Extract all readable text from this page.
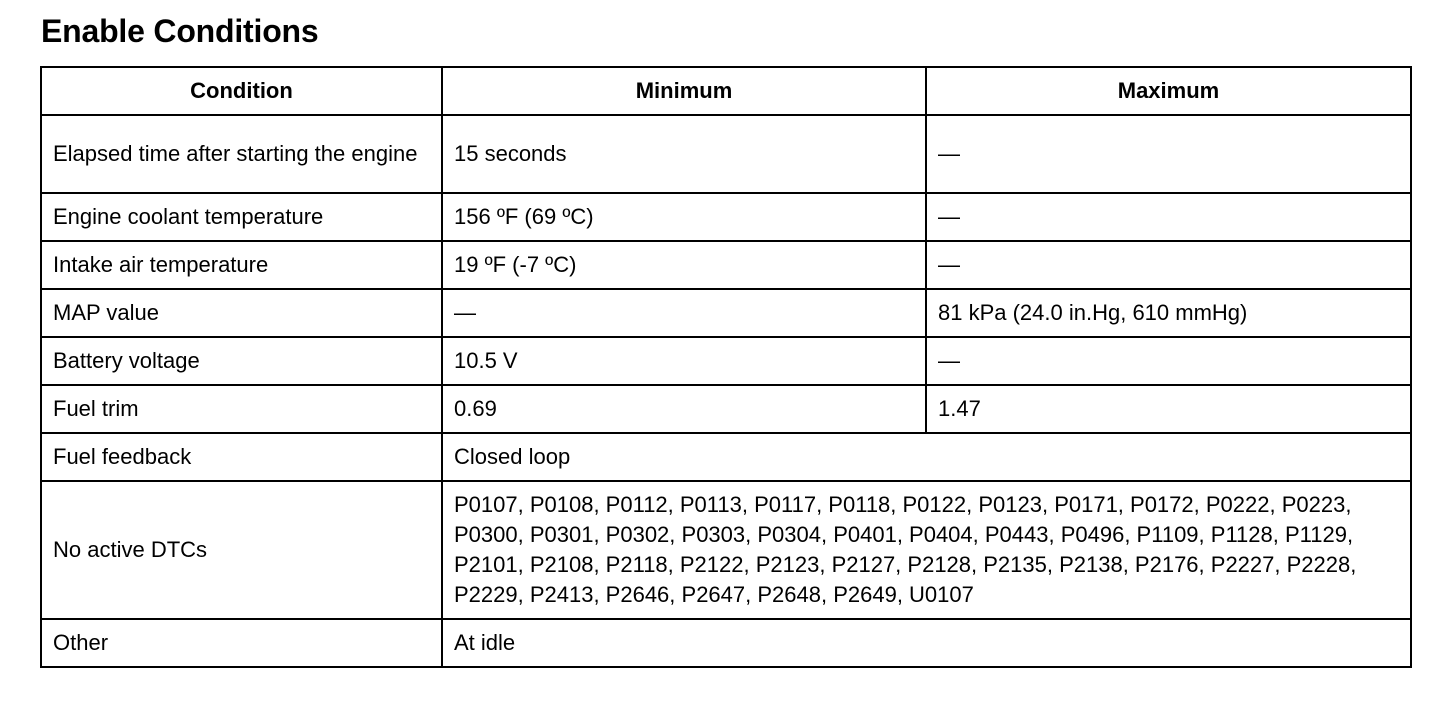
Enable Conditions
Condition	Minimum	Maximum
Elapsed time after starting the engine	15 seconds	—
Engine coolant temperature	156 ºF (69 ºC)	—
Intake air temperature	19 ºF (-7 ºC)	—
MAP value	—	81 kPa (24.0 in.Hg, 610 mmHg)
Battery voltage	10.5 V	—
Fuel trim	0.69	1.47
Fuel feedback	Closed loop	
No active DTCs	P0107, P0108, P0112, P0113, P0117, P0118, P0122, P0123, P0171, P0172, P0222, P0223, P0300, P0301, P0302, P0303, P0304, P0401, P0404, P0443, P0496, P1109, P1128, P1129, P2101, P2108, P2118, P2122, P2123, P2127, P2128, P2135, P2138, P2176, P2227, P2228, P2229, P2413, P2646, P2647, P2648, P2649, U0107	
Other	At idle	
